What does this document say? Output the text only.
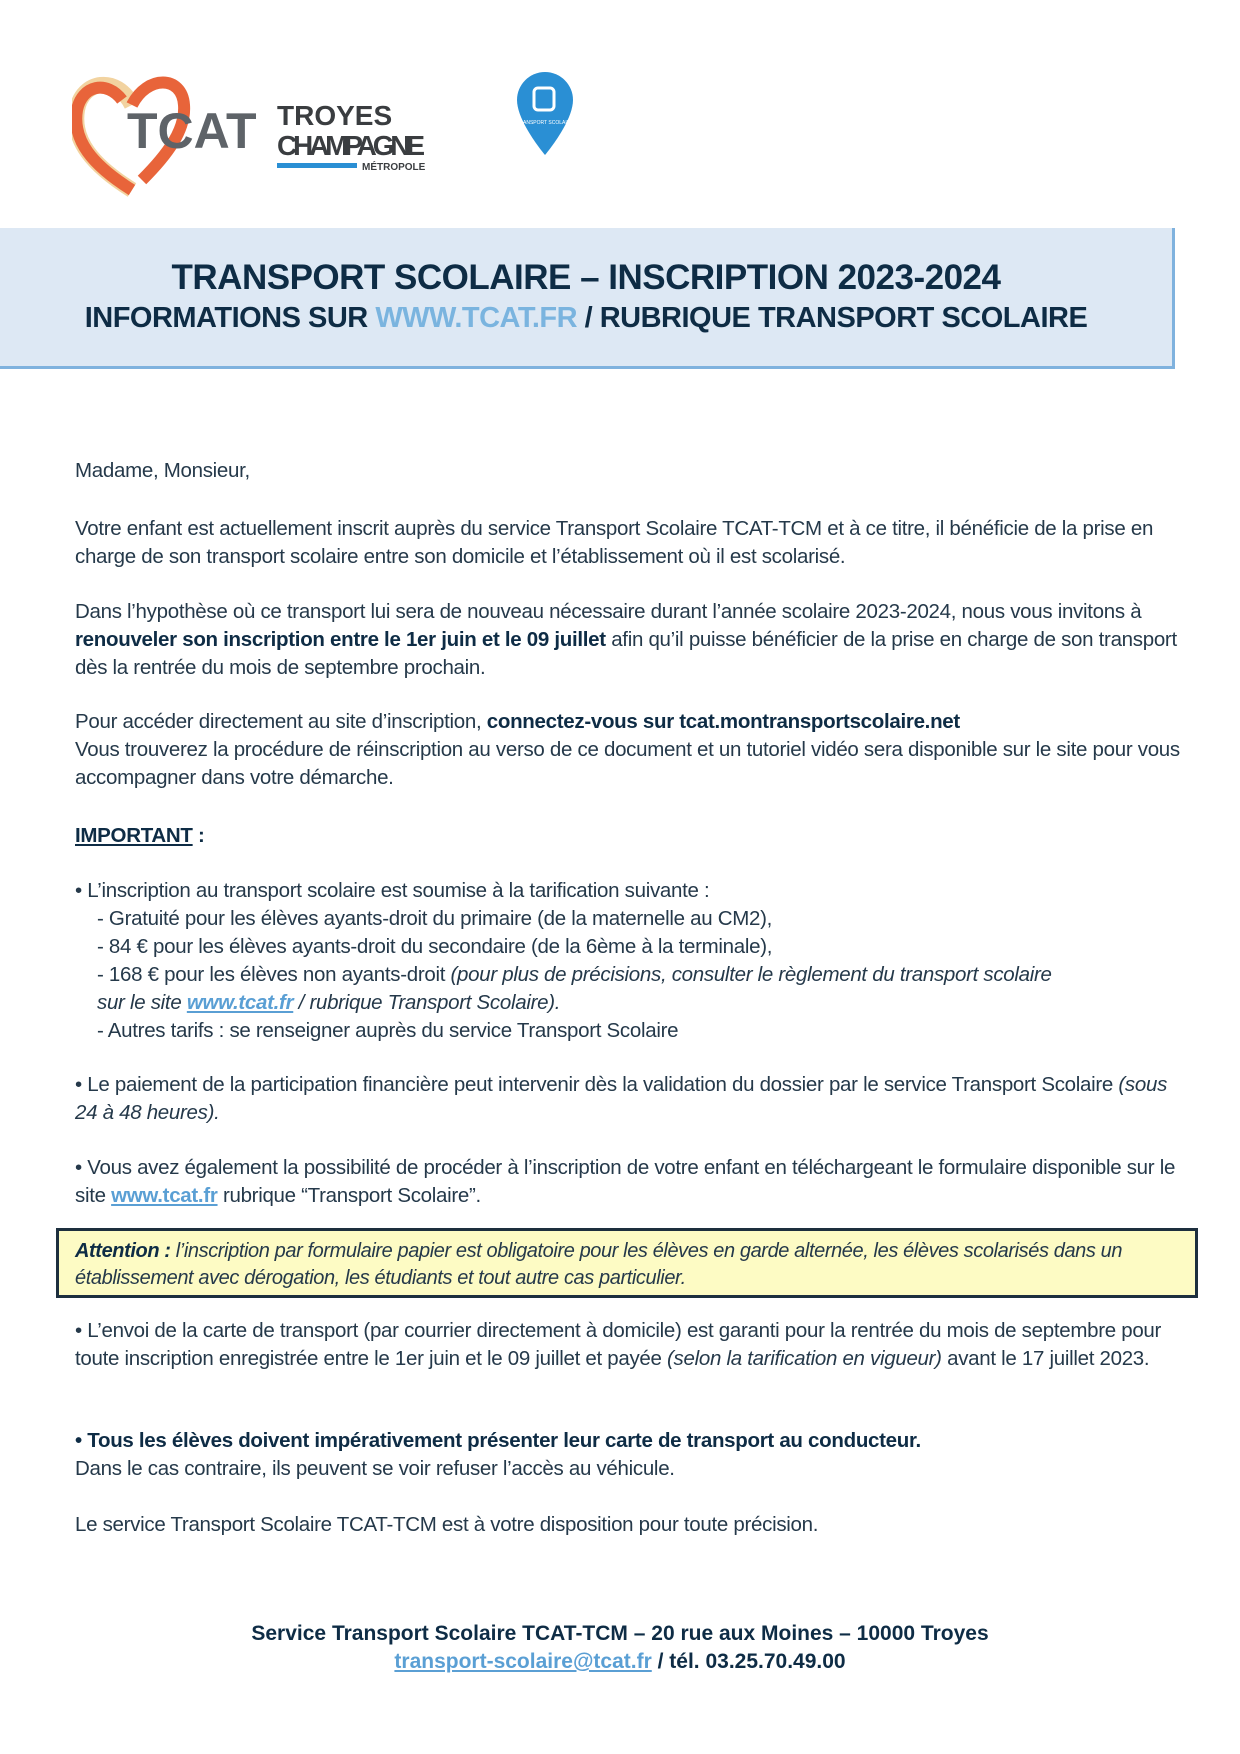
TCAT TROYES
CHAMPAGNE
MÉTROPOLE
TRANSPORT SCOLAIRE
TRANSPORT SCOLAIRE – INSCRIPTION 2023-2024
INFORMATIONS SUR WWW.TCAT.FR / RUBRIQUE TRANSPORT SCOLAIRE
Madame, Monsieur,

Votre enfant est actuellement inscrit auprès du service Transport Scolaire TCAT-TCM et à ce titre, il bénéficie de la prise en charge de son transport scolaire entre son domicile et l’établissement où il est scolarisé.

Dans l’hypothèse où ce transport lui sera de nouveau nécessaire durant l’année scolaire 2023-2024, nous vous invitons à renouveler son inscription entre le 1er juin et le 09 juillet afin qu’il puisse bénéficier de la prise en charge de son transport dès la rentrée du mois de septembre prochain.

Pour accéder directement au site d’inscription, connectez-vous sur tcat.montransportscolaire.net

Vous trouverez la procédure de réinscription au verso de ce document et un tutoriel vidéo sera disponible sur le site pour vous accompagner dans votre démarche.

IMPORTANT :

• L’inscription au transport scolaire est soumise à la tarification suivante :

- Gratuité pour les élèves ayants-droit du primaire (de la maternelle au CM2),

- 84 € pour les élèves ayants-droit du secondaire (de la 6ème à la terminale),

- 168 € pour les élèves non ayants-droit (pour plus de précisions, consulter le règlement du transport scolaire sur le site www.tcat.fr / rubrique Transport Scolaire).

- Autres tarifs : se renseigner auprès du service Transport Scolaire

• Le paiement de la participation financière peut intervenir dès la validation du dossier par le service Transport Scolaire (sous 24 à 48 heures).

• Vous avez également la possibilité de procéder à l’inscription de votre enfant en téléchargeant le formulaire disponible sur le site www.tcat.fr rubrique “Transport Scolaire”.

Attention : l’inscription par formulaire papier est obligatoire pour les élèves en garde alternée, les élèves scolarisés dans un établissement avec dérogation, les étudiants et tout autre cas particulier.

• L’envoi de la carte de transport (par courrier directement à domicile) est garanti pour la rentrée du mois de septembre pour toute inscription enregistrée entre le 1er juin et le 09 juillet et payée (selon la tarification en vigueur) avant le 17 juillet 2023.

• Tous les élèves doivent impérativement présenter leur carte de transport au conducteur.

Dans le cas contraire, ils peuvent se voir refuser l’accès au véhicule.

Le service Transport Scolaire TCAT-TCM est à votre disposition pour toute précision.
Service Transport Scolaire TCAT-TCM – 20 rue aux Moines – 10000 Troyes
transport-scolaire@tcat.fr / tél. 03.25.70.49.00
